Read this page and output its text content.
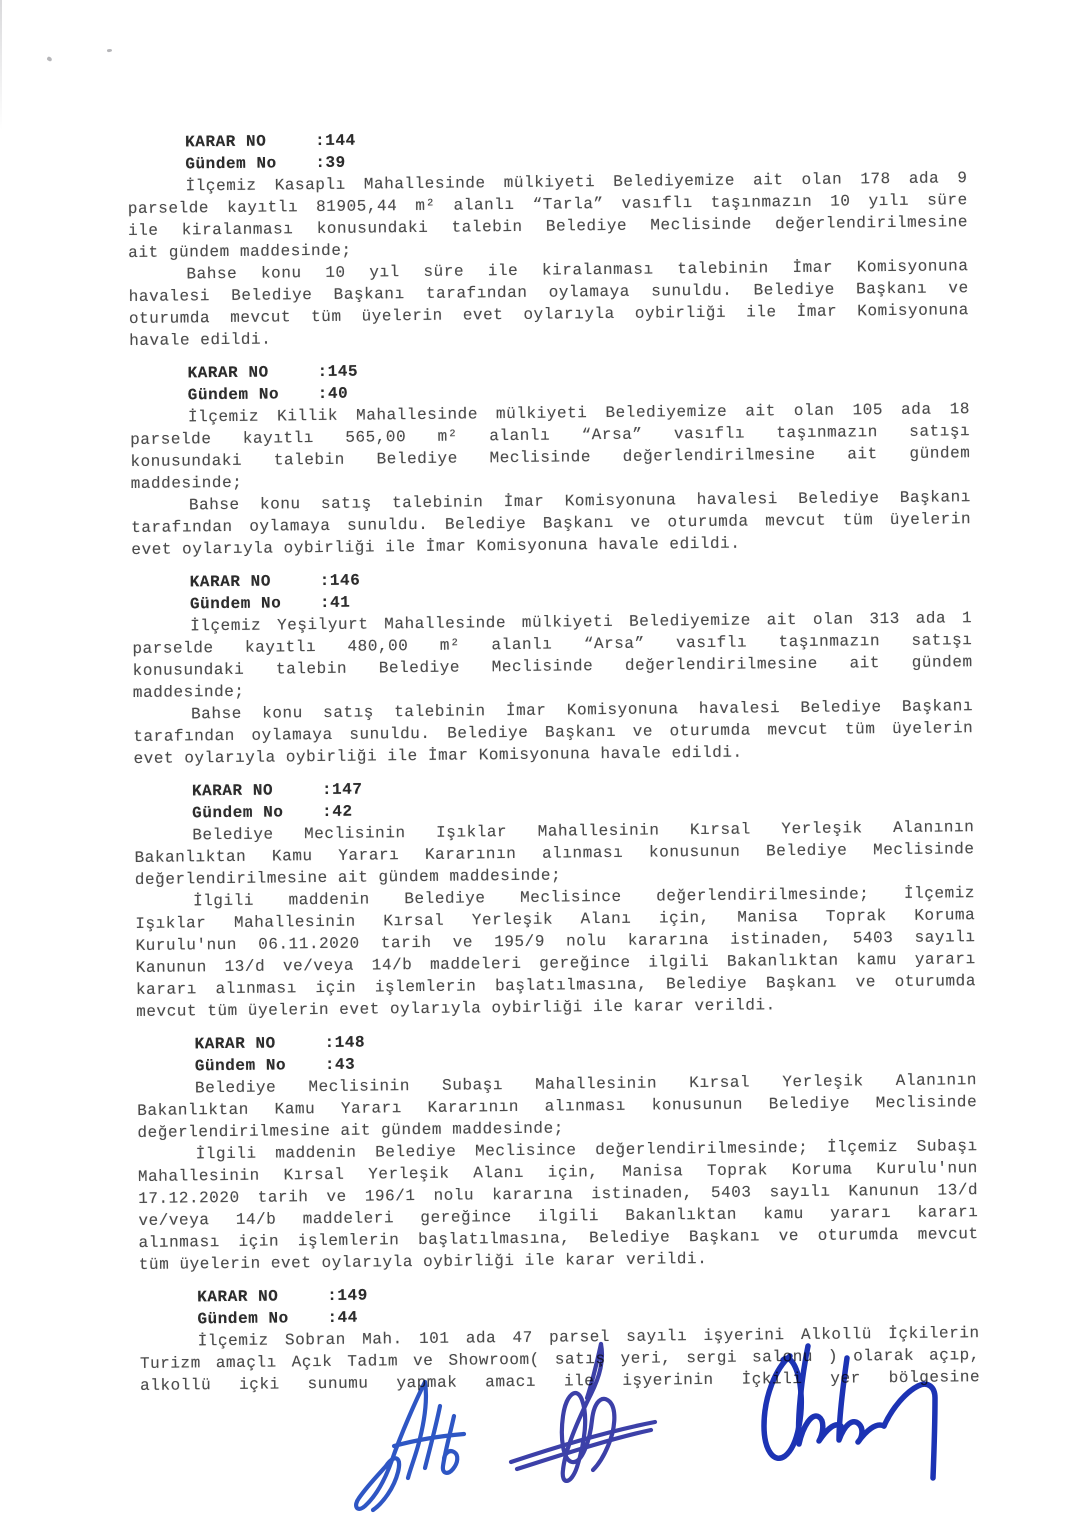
KARAR NO	:144
Gündem No :39
İlçemiz Kasaplı Mahallesinde mülkiyeti Belediyemize ait olan 178 ada 9
parselde kayıtlı 81905,44 m² alanlı “Tarla” vasıflı taşınmazın 10 yılı süre
ile kiralanması konusundaki talebin Belediye Meclisinde değerlendirilmesine
ait gündem maddesinde;
Bahse konu 10 yıl süre ile kiralanması talebinin İmar Komisyonuna
havalesi Belediye Başkanı tarafından oylamaya sunuldu. Belediye Başkanı ve
oturumda mevcut tüm üyelerin evet oylarıyla oybirliği ile İmar Komisyonuna
havale edildi.
KARAR NO	:145
Gündem No :40
İlçemiz Killik Mahallesinde mülkiyeti Belediyemize ait olan 105 ada 18
parselde kayıtlı 565,00 m² alanlı “Arsa” vasıflı taşınmazın satışı
konusundaki talebin Belediye Meclisinde değerlendirilmesine ait gündem
maddesinde;
Bahse konu satış talebinin İmar Komisyonuna havalesi Belediye Başkanı
tarafından oylamaya sunuldu. Belediye Başkanı ve oturumda mevcut tüm üyelerin
evet oylarıyla oybirliği ile İmar Komisyonuna havale edildi.
KARAR NO	:146
Gündem No :41
İlçemiz Yeşilyurt Mahallesinde mülkiyeti Belediyemize ait olan 313 ada 1
parselde kayıtlı 480,00 m² alanlı “Arsa” vasıflı taşınmazın satışı
konusundaki talebin Belediye Meclisinde değerlendirilmesine ait gündem
maddesinde;
Bahse konu satış talebinin İmar Komisyonuna havalesi Belediye Başkanı
tarafından oylamaya sunuldu. Belediye Başkanı ve oturumda mevcut tüm üyelerin
evet oylarıyla oybirliği ile İmar Komisyonuna havale edildi.
KARAR NO	:147
Gündem No :42
Belediye Meclisinin Işıklar Mahallesinin Kırsal Yerleşik Alanının
Bakanlıktan Kamu Yararı Kararının alınması konusunun Belediye Meclisinde
değerlendirilmesine ait gündem maddesinde;
İlgili maddenin Belediye Meclisince değerlendirilmesinde; İlçemiz
Işıklar Mahallesinin Kırsal Yerleşik Alanı için, Manisa Toprak Koruma
Kurulu'nun 06.11.2020 tarih ve 195/9 nolu kararına istinaden, 5403 sayılı
Kanunun 13/d ve/veya 14/b maddeleri gereğince ilgili Bakanlıktan kamu yararı
kararı alınması için işlemlerin başlatılmasına, Belediye Başkanı ve oturumda
mevcut tüm üyelerin evet oylarıyla oybirliği ile karar verildi.
KARAR NO	:148
Gündem No :43
Belediye Meclisinin Subaşı Mahallesinin Kırsal Yerleşik Alanının
Bakanlıktan Kamu Yararı Kararının alınması konusunun Belediye Meclisinde
değerlendirilmesine ait gündem maddesinde;
İlgili maddenin Belediye Meclisince değerlendirilmesinde; İlçemiz Subaşı
Mahallesinin Kırsal Yerleşik Alanı için, Manisa Toprak Koruma Kurulu'nun
17.12.2020 tarih ve 196/1 nolu kararına istinaden, 5403 sayılı Kanunun 13/d
ve/veya 14/b maddeleri gereğince ilgili Bakanlıktan kamu yararı kararı
alınması için işlemlerin başlatılmasına, Belediye Başkanı ve oturumda mevcut
tüm üyelerin evet oylarıyla oybirliği ile karar verildi.
KARAR NO	:149
Gündem No :44
İlçemiz Sobran Mah. 101 ada 47 parsel sayılı işyerini Alkollü İçkilerin
Turizm amaçlı Açık Tadım ve Showroom( satış yeri, sergi salonu ) olarak açıp,
alkollü içki sunumu yapmak amacı ile işyerinin İçkili yer bölgesine
